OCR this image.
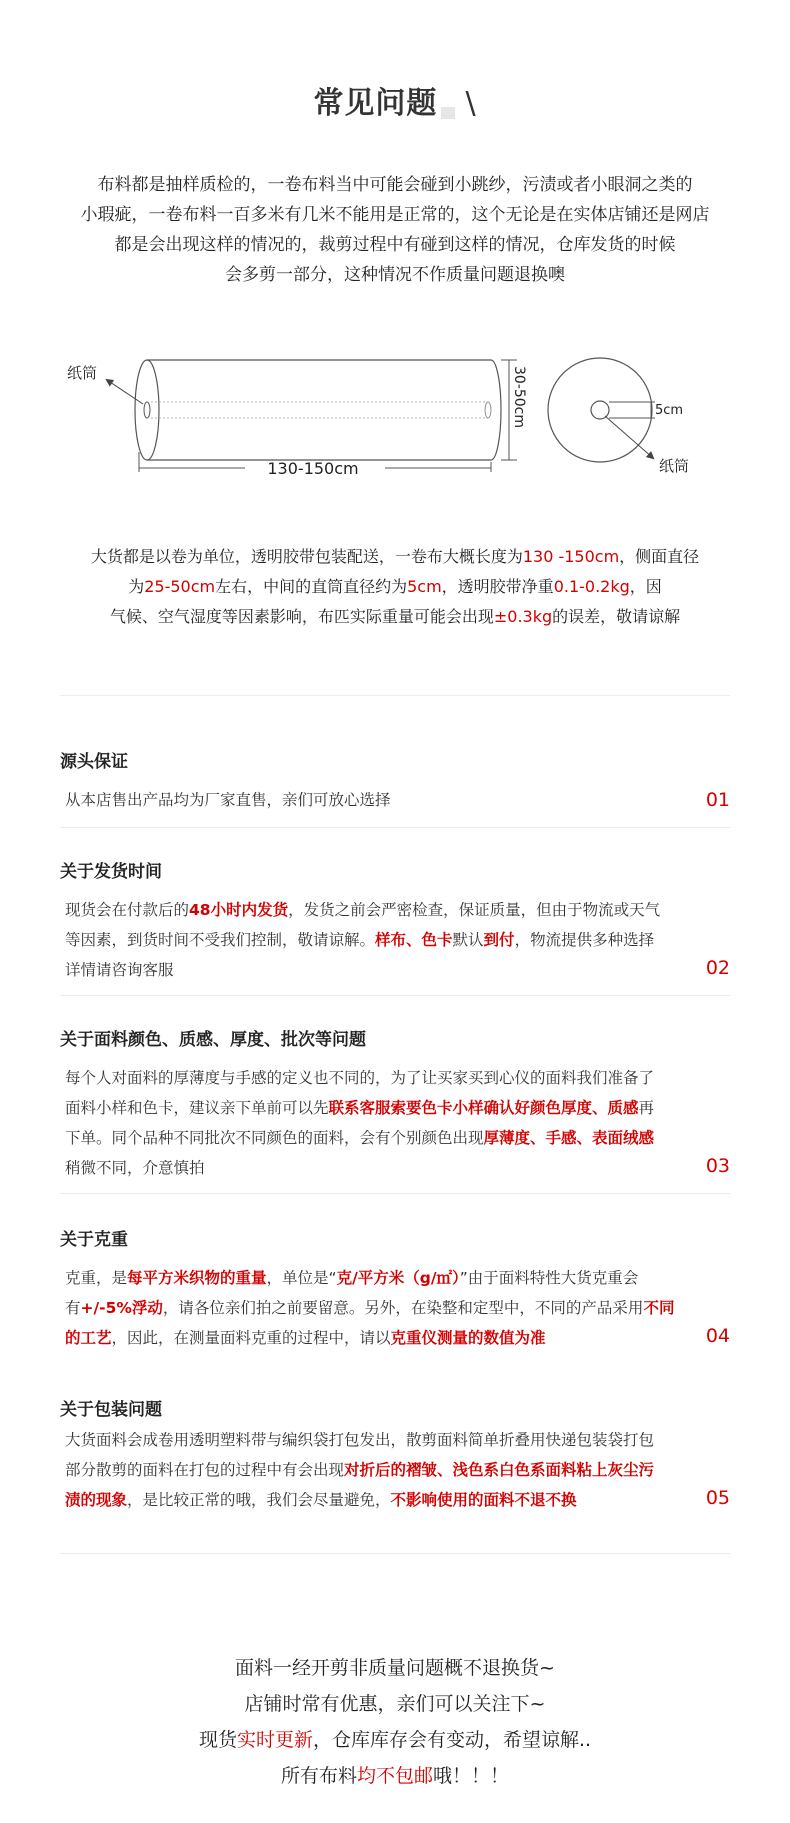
常见问题 \
布料都是抽样质检的，一卷布料当中可能会碰到小跳纱，污渍或者小眼洞之类的
小瑕疵，一卷布料一百多米有几米不能用是正常的，这个无论是在实体店铺还是网店
都是会出现这样的情况的，裁剪过程中有碰到这样的情况，仓库发货的时候
会多剪一部分，这种情况不作质量问题退换噢
纸筒
130-150cm
30-50cm	5cm
纸筒
大货都是以卷为单位，透明胶带包装配送，一卷布大概长度为130 -150cm，侧面直径
为25-50cm左右，中间的直筒直径约为5cm，透明胶带净重0.1-0.2kg，因
气候、空气湿度等因素影响，布匹实际重量可能会出现±0.3kg的误差，敬请谅解
源头保证
从本店售出产品均为厂家直售，亲们可放心选择	01
关于发货时间
现货会在付款后的48小时内发货，发货之前会严密检查，保证质量，但由于物流或天气
等因素，到货时间不受我们控制，敬请谅解。样布、色卡默认到付，物流提供多种选择
详情请咨询客服	02
关于面料颜色、质感、厚度、批次等问题
每个人对面料的厚薄度与手感的定义也不同的，为了让买家买到心仪的面料我们准备了
面料小样和色卡，建议亲下单前可以先联系客服索要色卡小样确认好颜色厚度、质感再
下单。同个品种不同批次不同颜色的面料，会有个别颜色出现厚薄度、手感、表面绒感
稍微不同，介意慎拍	03
关于克重
克重，是每平方米织物的重量，单位是“克/平方米（g/㎡）”由于面料特性大货克重会
有+/-5%浮动，请各位亲们拍之前要留意。另外，在染整和定型中，不同的产品采用不同
的工艺，因此，在测量面料克重的过程中，请以克重仪测量的数值为准	04
关于包装问题
大货面料会成卷用透明塑料带与编织袋打包发出，散剪面料简单折叠用快递包装袋打包
部分散剪的面料在打包的过程中有会出现对折后的褶皱、浅色系白色系面料粘上灰尘污
渍的现象，是比较正常的哦，我们会尽量避免，不影响使用的面料不退不换	05
面料一经开剪非质量问题概不退换货~
店铺时常有优惠，亲们可以关注下~
现货实时更新，仓库库存会有变动，希望谅解..
所有布料均不包邮哦！！！
